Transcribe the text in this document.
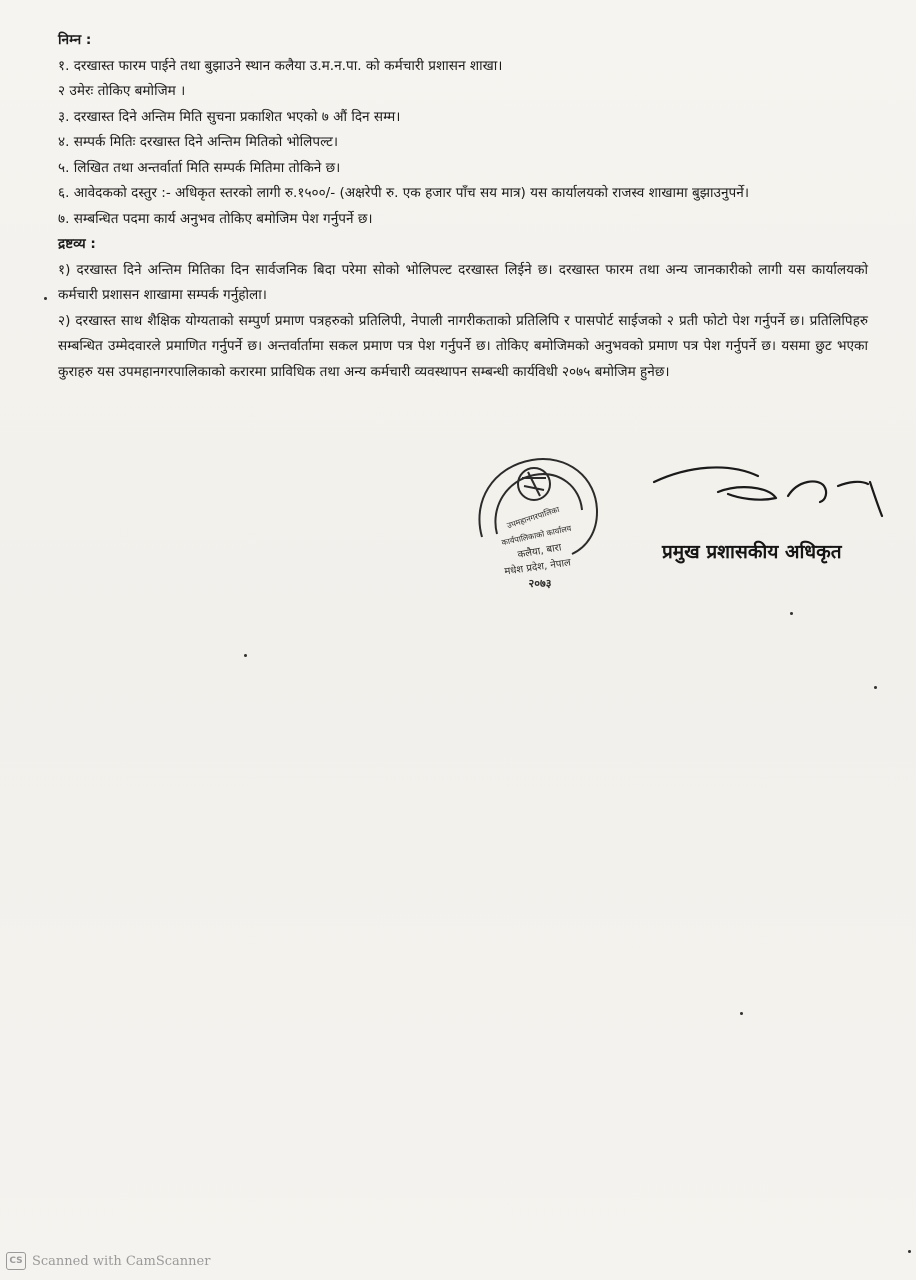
निम्न :
१. दरखास्त फारम पाईने तथा बुझाउने स्थान कलैया उ.म.न.पा. को कर्मचारी प्रशासन शाखा।
२ उमेरः तोकिए बमोजिम ।
३. दरखास्त दिने अन्तिम मिति सुचना प्रकाशित भएको ७ औं दिन सम्म।
४. सम्पर्क मितिः दरखास्त दिने अन्तिम मितिको भोलिपल्ट।
५. लिखित तथा अन्तर्वार्ता मिति सम्पर्क मितिमा तोकिने छ।
६. आवेदकको दस्तुर :- अधिकृत स्तरको लागी रु.१५००/- (अक्षरेपी रु. एक हजार पाँच सय मात्र) यस कार्यालयको राजस्व शाखामा बुझाउनुपर्ने।
७. सम्बन्धित पदमा कार्य अनुभव तोकिए बमोजिम पेश गर्नुपर्ने छ।
द्रष्टव्य :
१) दरखास्त दिने अन्तिम मितिका दिन सार्वजनिक बिदा परेमा सोको भोलिपल्ट दरखास्त लिईने छ। दरखास्त फारम तथा अन्य जानकारीको लागी यस कार्यालयको कर्मचारी प्रशासन शाखामा सम्पर्क गर्नुहोला।
२) दरखास्त साथ शैक्षिक योग्यताको सम्पुर्ण प्रमाण पत्रहरुको प्रतिलिपी, नेपाली नागरीकताको प्रतिलिपि र पासपोर्ट साईजको २ प्रती फोटो पेश गर्नुपर्ने छ। प्रतिलिपिहरु सम्बन्धित उम्मेदवारले प्रमाणित गर्नुपर्ने छ। अन्तर्वार्तामा सकल प्रमाण पत्र पेश गर्नुपर्ने छ। तोकिए बमोजिमको अनुभवको प्रमाण पत्र पेश गर्नुपर्ने छ। यसमा छुट भएका कुराहरु यस उपमहानगरपालिकाको करारमा प्राविधिक तथा अन्य कर्मचारी व्यवस्थापन सम्बन्धी कार्यविधी २०७५ बमोजिम हुनेछ।
उपमहानगरपालिका
कार्यपालिकाको कार्यालय
कलैया, बारा
मधेश प्रदेश, नेपाल
२०७३
प्रमुख प्रशासकीय अधिकृत
CS Scanned with CamScanner
